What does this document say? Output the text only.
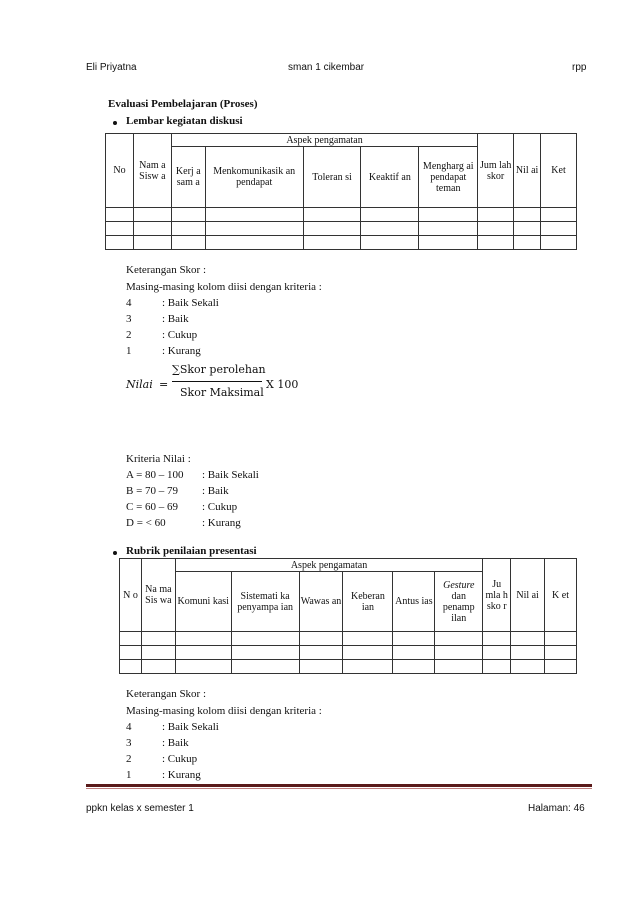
Eli Priyatna	sman 1 cikembar	rpp
Evaluasi Pembelajaran (Proses)
Lembar kegiatan diskusi
No	Nam a Sisw a	Aspek pengamatan					Jum lah skor	Nil ai	Ket
		Kerj a sam a	Menkomunikasik an pendapat	Toleran si	Keaktif an	Mengharg ai pendapat teman			

Keterangan Skor :
Masing-masing kolom diisi dengan kriteria :
4	: Baik Sekali
3	: Baik
2	: Cukup
1	: Kurang
Nilai =
∑Skor perolehan
Skor Maksimal
X 100
Kriteria Nilai :
A = 80 – 100 : Baik Sekali
B = 70 – 79 : Baik
C = 60 – 69 : Cukup
D = < 60	: Kurang
Rubrik penilaian presentasi
N o	Na ma Sis wa	Aspek pengamatan						Ju mla h sko r	Nil ai	K et
		Komuni kasi	Sistemati ka penyampa ian	Wawas an	Keberan ian	Antus ias	Gesture dan penamp ilan			

Keterangan Skor :
Masing-masing kolom diisi dengan kriteria :
4	: Baik Sekali
3	: Baik
2	: Cukup
1	: Kurang
ppkn kelas x semester 1	Halaman: 46
